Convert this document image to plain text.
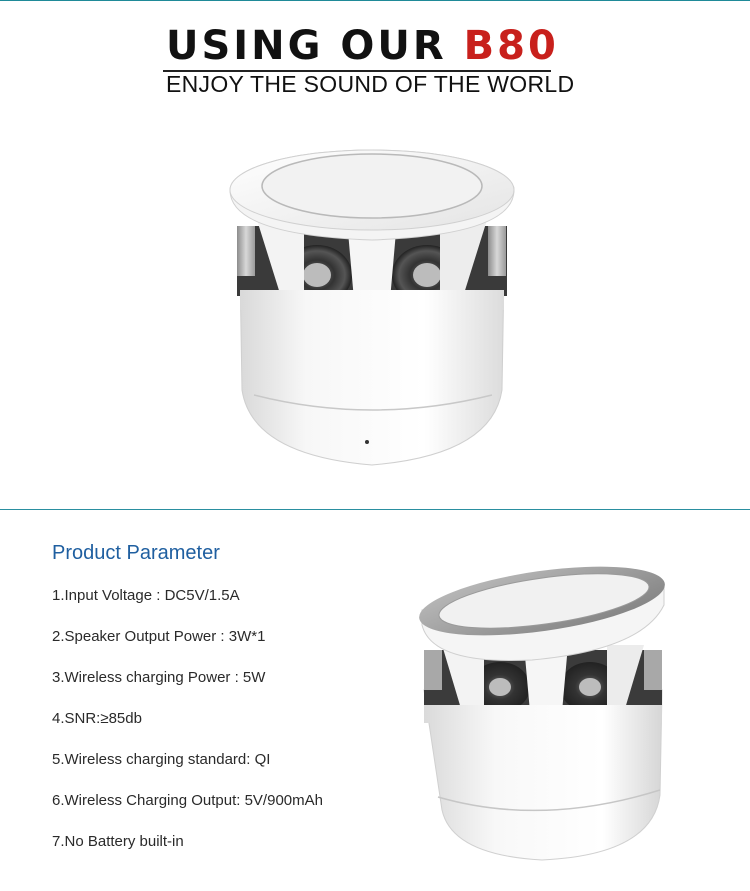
USING OUR B80
ENJOY THE SOUND OF THE WORLD
Product Parameter
1.Input Voltage : DC5V/1.5A
2.Speaker Output Power : 3W*1
3.Wireless charging Power : 5W
4.SNR:≥85db
5.Wireless charging standard: QI
6.Wireless Charging Output: 5V/900mAh
7.No Battery built-in
